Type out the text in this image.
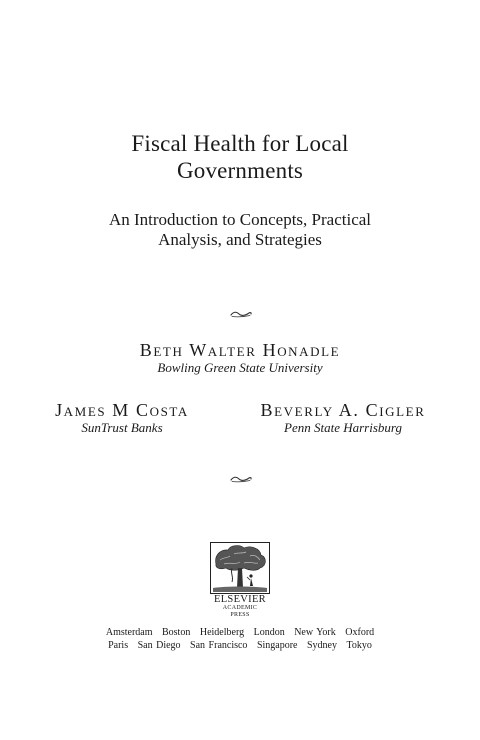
Fiscal Health for Local
Governments
An Introduction to Concepts, Practical
Analysis, and Strategies
Beth Walter Honadle
Bowling Green State University
James M Costa
SunTrust Banks
Beverly A. Cigler
Penn State Harrisburg
ELSEVIER
ACADEMIC
PRESS
Amsterdam Boston Heidelberg London New York Oxford
Paris San Diego San Francisco Singapore Sydney Tokyo
